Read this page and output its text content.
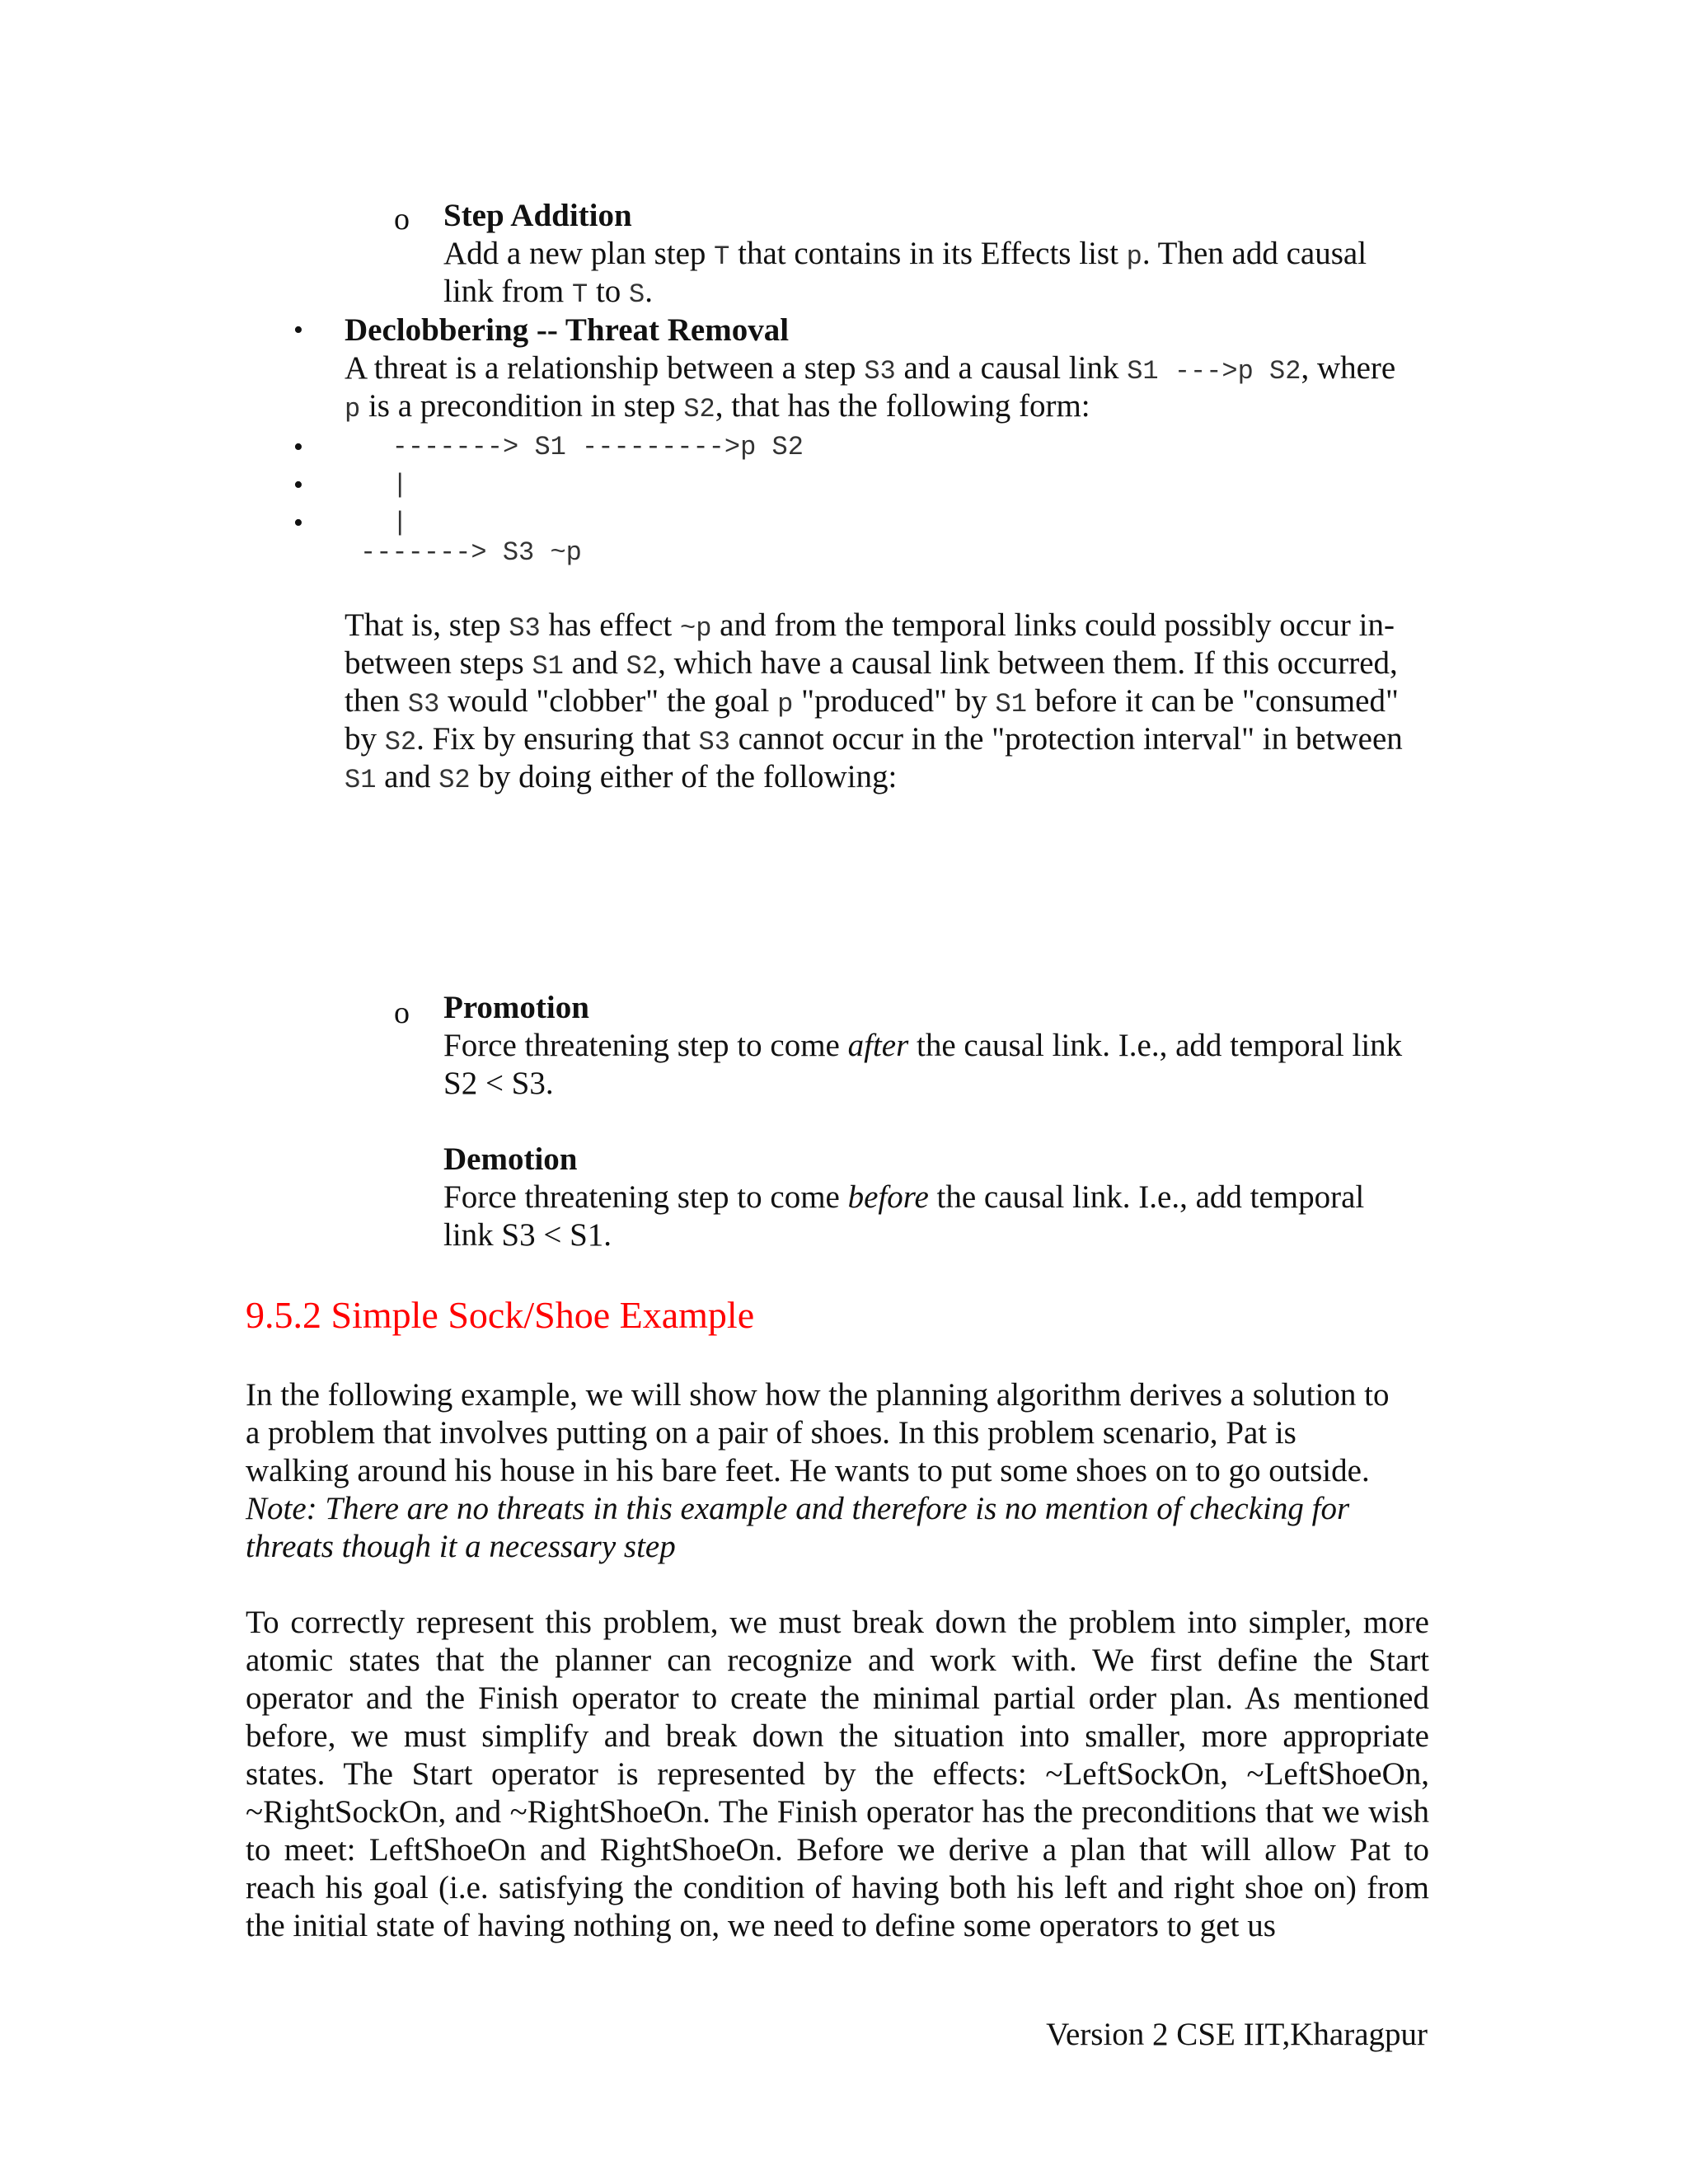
o Step Addition
Add a new plan step T that contains in its Effects list p. Then add causal
link from T to S.
• Declobbering -- Threat Removal
A threat is a relationship between a step S3 and a causal link S1 --->p S2, where
p is a precondition in step S2, that has the following form:
•
•
•
-------> S1 --------->p S2
|
|
-------> S3 ~p
That is, step S3 has effect ~p and from the temporal links could possibly occur in-
between steps S1 and S2, which have a causal link between them. If this occurred,
then S3 would "clobber" the goal p "produced" by S1 before it can be "consumed"
by S2. Fix by ensuring that S3 cannot occur in the "protection interval" in between
S1 and S2 by doing either of the following:
o Promotion
Force threatening step to come after the causal link. I.e., add temporal link
S2 < S3.
Demotion
Force threatening step to come before the causal link. I.e., add temporal
link S3 < S1.
9.5.2 Simple Sock/Shoe Example
In the following example, we will show how the planning algorithm derives a solution to
a problem that involves putting on a pair of shoes. In this problem scenario, Pat is
walking around his house in his bare feet. He wants to put some shoes on to go outside.
Note: There are no threats in this example and therefore is no mention of checking for
threats though it a necessary step
To correctly represent this problem, we must break down the problem into simpler, more atomic states that the planner can recognize and work with. We first define the Start operator and the Finish operator to create the minimal partial order plan. As mentioned before, we must simplify and break down the situation into smaller, more appropriate states. The Start operator is represented by the effects: ~LeftSockOn, ~LeftShoeOn, ~RightSockOn, and ~RightShoeOn. The Finish operator has the preconditions that we wish to meet: LeftShoeOn and RightShoeOn. Before we derive a plan that will allow Pat to reach his goal (i.e. satisfying the condition of having both his left and right shoe on) from the initial state of having nothing on, we need to define some operators to get us
Version 2 CSE IIT,Kharagpur
